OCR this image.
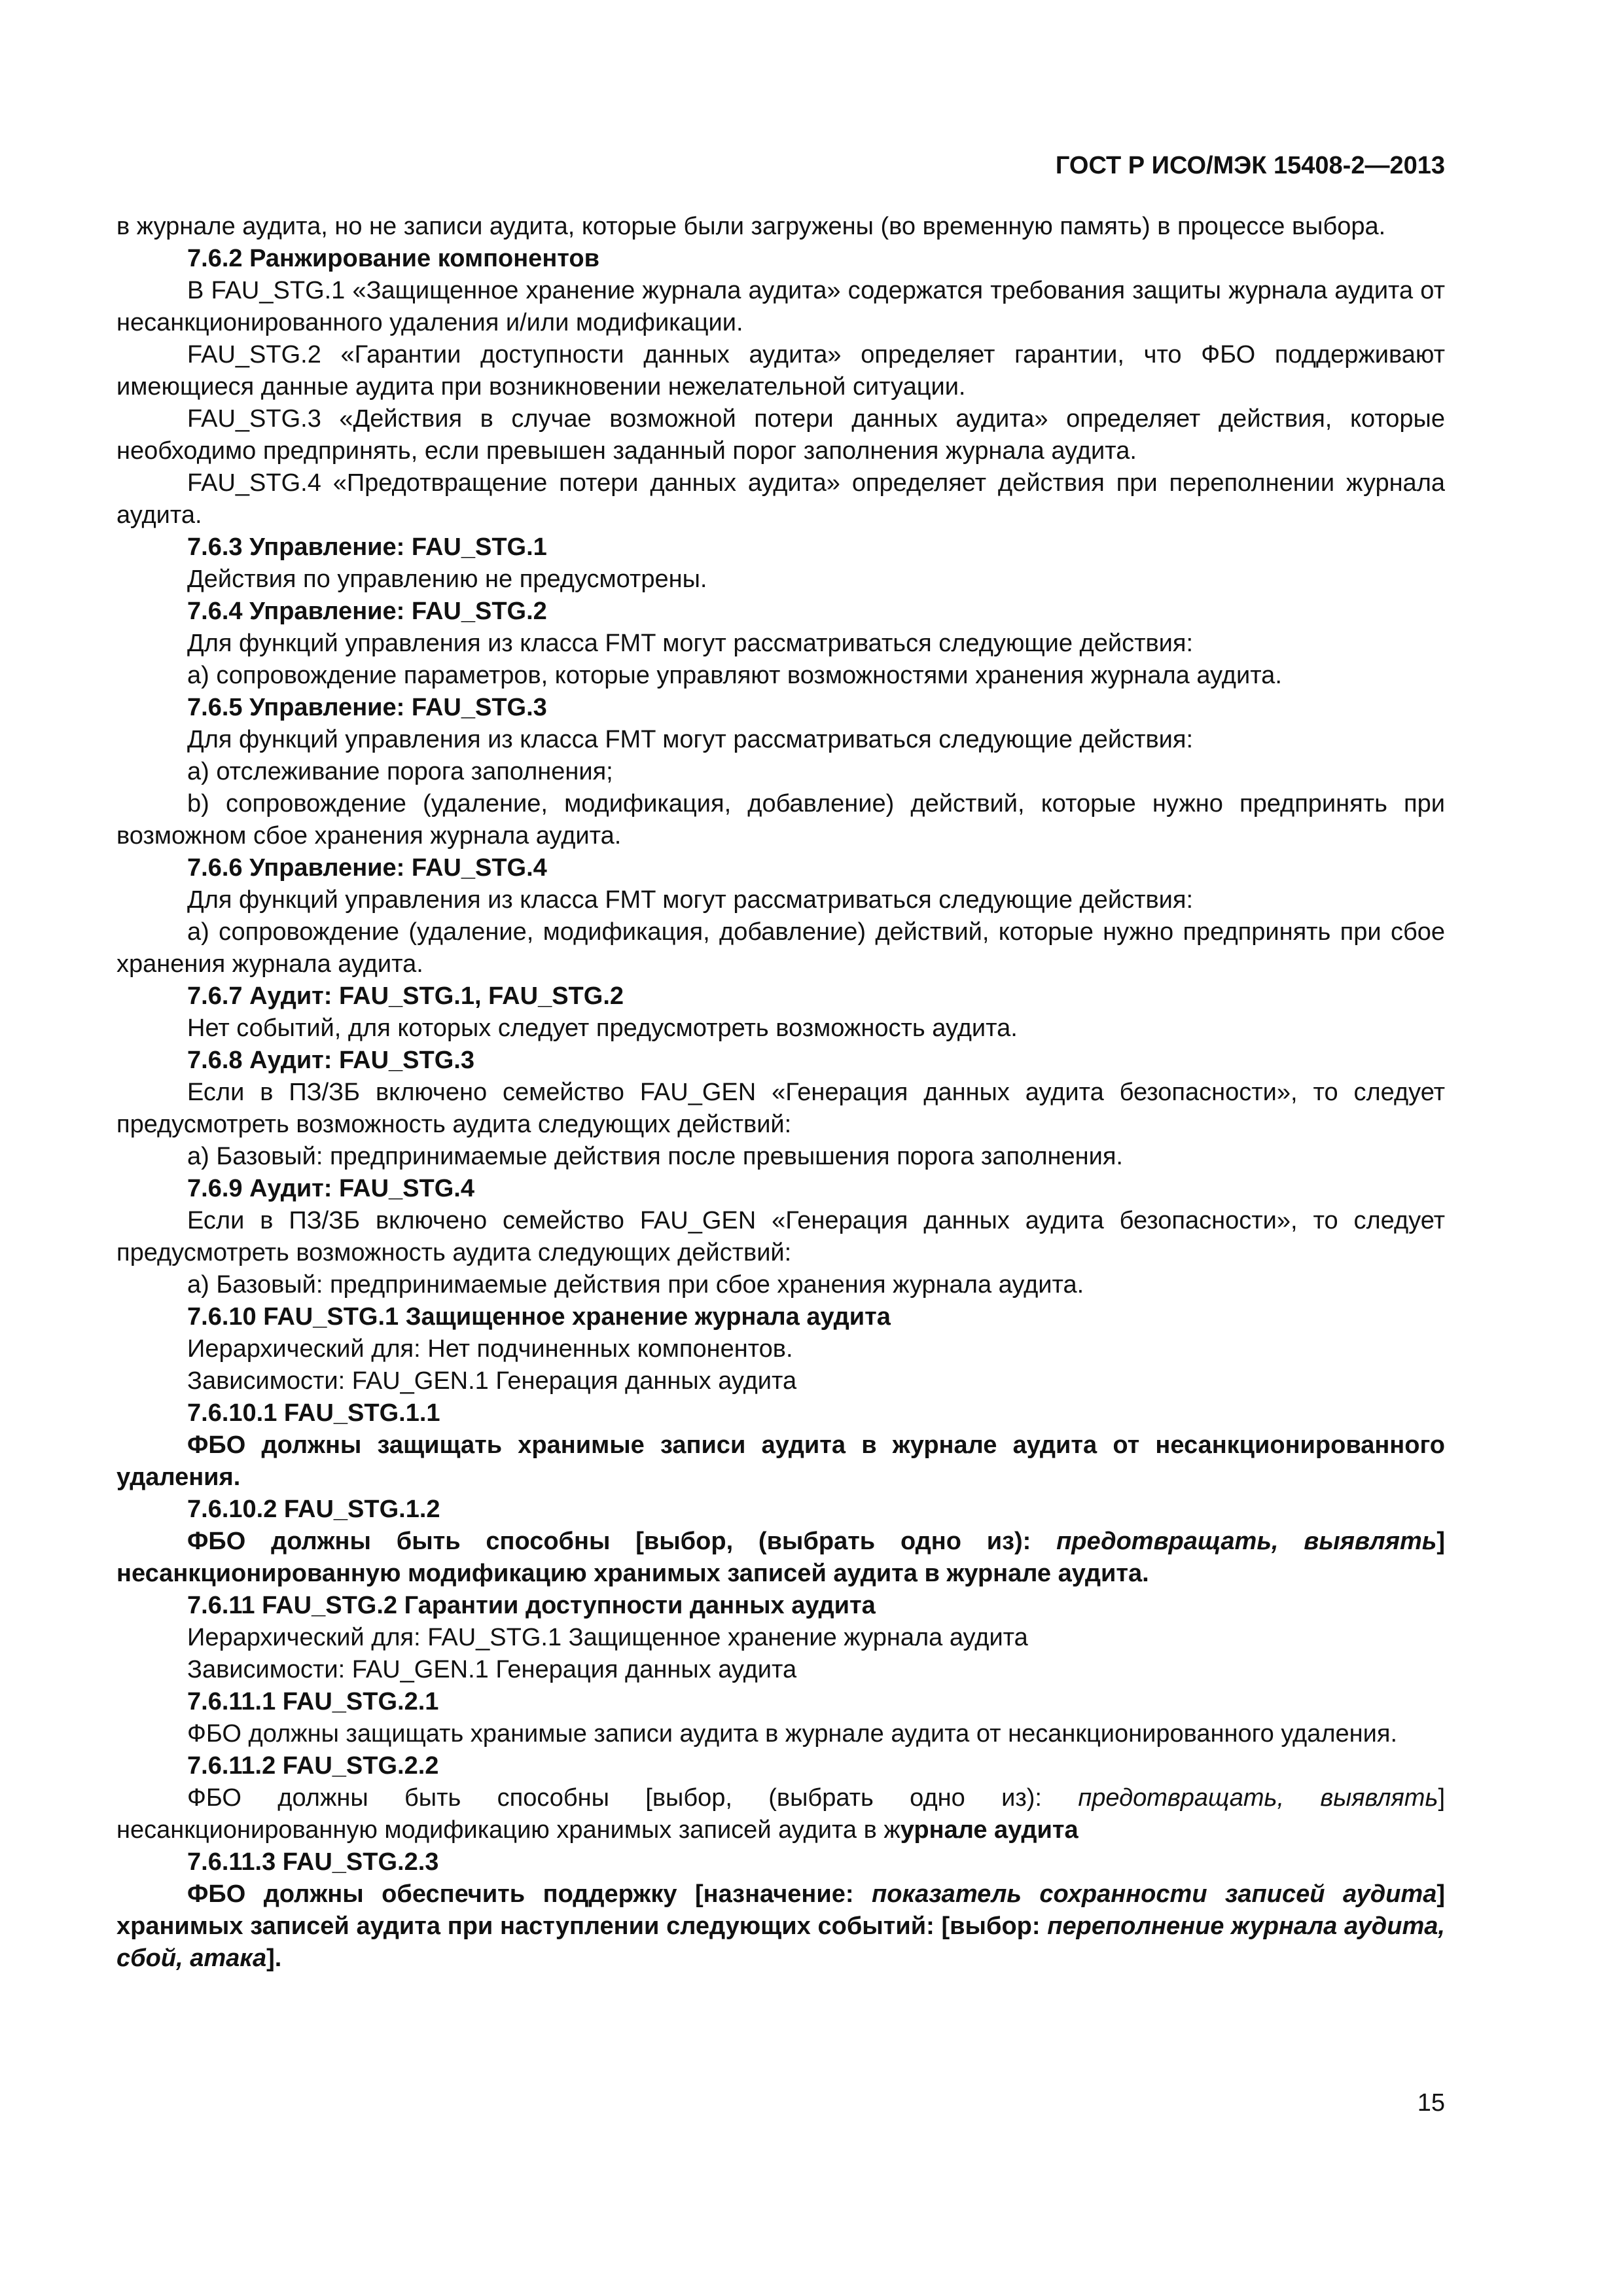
ГОСТ Р ИСО/МЭК 15408-2—2013

в журнале аудита, но не записи аудита, которые были загружены (во временную память) в процессе выбора.

7.6.2 Ранжирование компонентов

В FAU_STG.1 «Защищенное хранение журнала аудита» содержатся требования защиты журнала аудита от несанкционированного удаления и/или модификации.

FAU_STG.2 «Гарантии доступности данных аудита» определяет гарантии, что ФБО поддерживают имеющиеся данные аудита при возникновении нежелательной ситуации.

FAU_STG.3 «Действия в случае возможной потери данных аудита» определяет действия, которые необходимо предпринять, если превышен заданный порог заполнения журнала аудита.

FAU_STG.4 «Предотвращение потери данных аудита» определяет действия при переполнении журнала аудита.

7.6.3 Управление: FAU_STG.1

Действия по управлению не предусмотрены.

7.6.4 Управление: FAU_STG.2

Для функций управления из класса FMT могут рассматриваться следующие действия:

a) сопровождение параметров, которые управляют возможностями хранения журнала аудита.

7.6.5 Управление: FAU_STG.3

Для функций управления из класса FMT могут рассматриваться следующие действия:

a) отслеживание порога заполнения;

b) сопровождение (удаление, модификация, добавление) действий, которые нужно предпринять при возможном сбое хранения журнала аудита.

7.6.6 Управление: FAU_STG.4

Для функций управления из класса FMT могут рассматриваться следующие действия:

a) сопровождение (удаление, модификация, добавление) действий, которые нужно предпринять при сбое хранения журнала аудита.

7.6.7 Аудит: FAU_STG.1, FAU_STG.2

Нет событий, для которых следует предусмотреть возможность аудита.

7.6.8 Аудит: FAU_STG.3

Если в ПЗ/ЗБ включено семейство FAU_GEN «Генерация данных аудита безопасности», то следует предусмотреть возможность аудита следующих действий:

a) Базовый: предпринимаемые действия после превышения порога заполнения.

7.6.9 Аудит: FAU_STG.4

Если в ПЗ/ЗБ включено семейство FAU_GEN «Генерация данных аудита безопасности», то следует предусмотреть возможность аудита следующих действий:

a) Базовый: предпринимаемые действия при сбое хранения журнала аудита.

7.6.10 FAU_STG.1 Защищенное хранение журнала аудита

Иерархический для: Нет подчиненных компонентов.

Зависимости: FAU_GEN.1 Генерация данных аудита

7.6.10.1 FAU_STG.1.1

ФБО должны защищать хранимые записи аудита в журнале аудита от несанкционированного удаления.

7.6.10.2 FAU_STG.1.2

ФБО должны быть способны [выбор, (выбрать одно из): предотвращать, выявлять] несанкционированную модификацию хранимых записей аудита в журнале аудита.

7.6.11 FAU_STG.2 Гарантии доступности данных аудита

Иерархический для: FAU_STG.1 Защищенное хранение журнала аудита

Зависимости: FAU_GEN.1 Генерация данных аудита

7.6.11.1 FAU_STG.2.1

ФБО должны защищать хранимые записи аудита в журнале аудита от несанкционированного удаления.

7.6.11.2 FAU_STG.2.2

ФБО должны быть способны [выбор, (выбрать одно из): предотвращать, выявлять] несанкционированную модификацию хранимых записей аудита в журнале аудита

7.6.11.3 FAU_STG.2.3

ФБО должны обеспечить поддержку [назначение: показатель сохранности записей аудита] хранимых записей аудита при наступлении следующих событий: [выбор: переполнение журнала аудита, сбой, атака].

15
